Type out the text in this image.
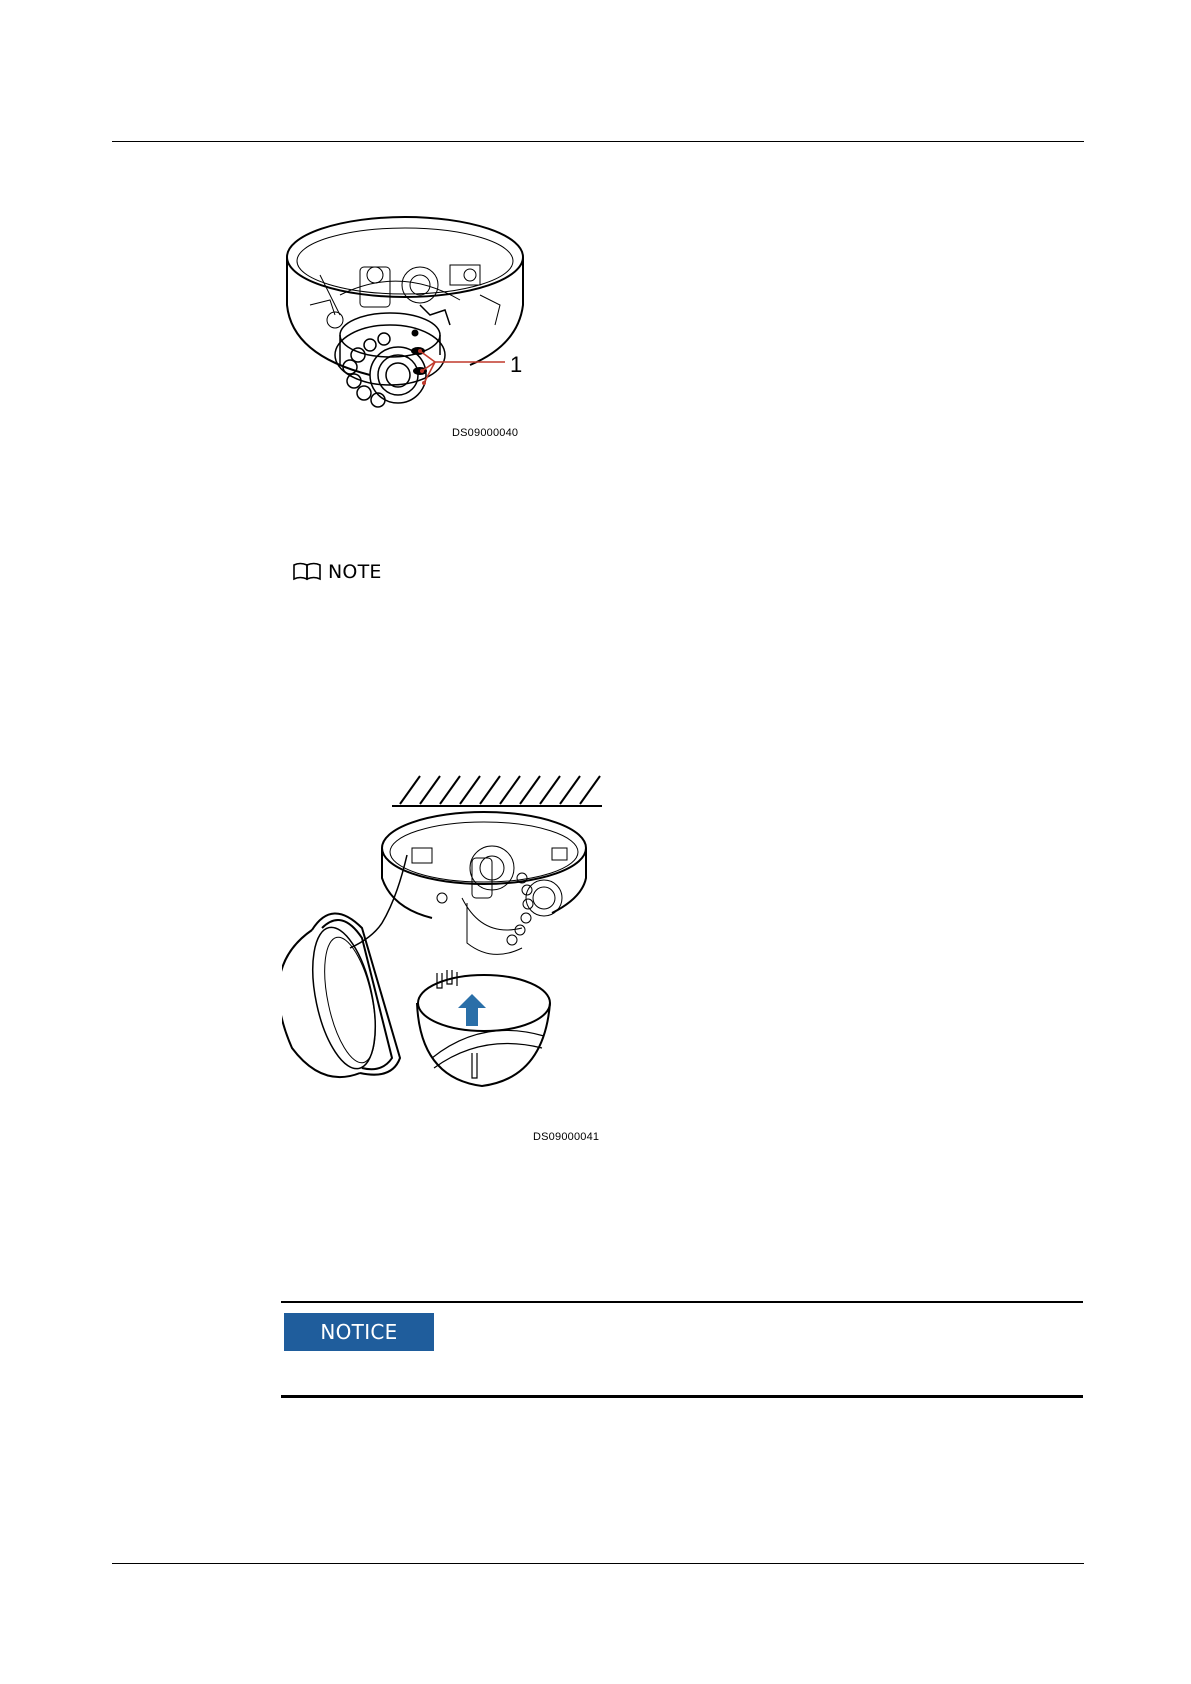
1
DS09000040
NOTE
DS09000041
NOTICE
